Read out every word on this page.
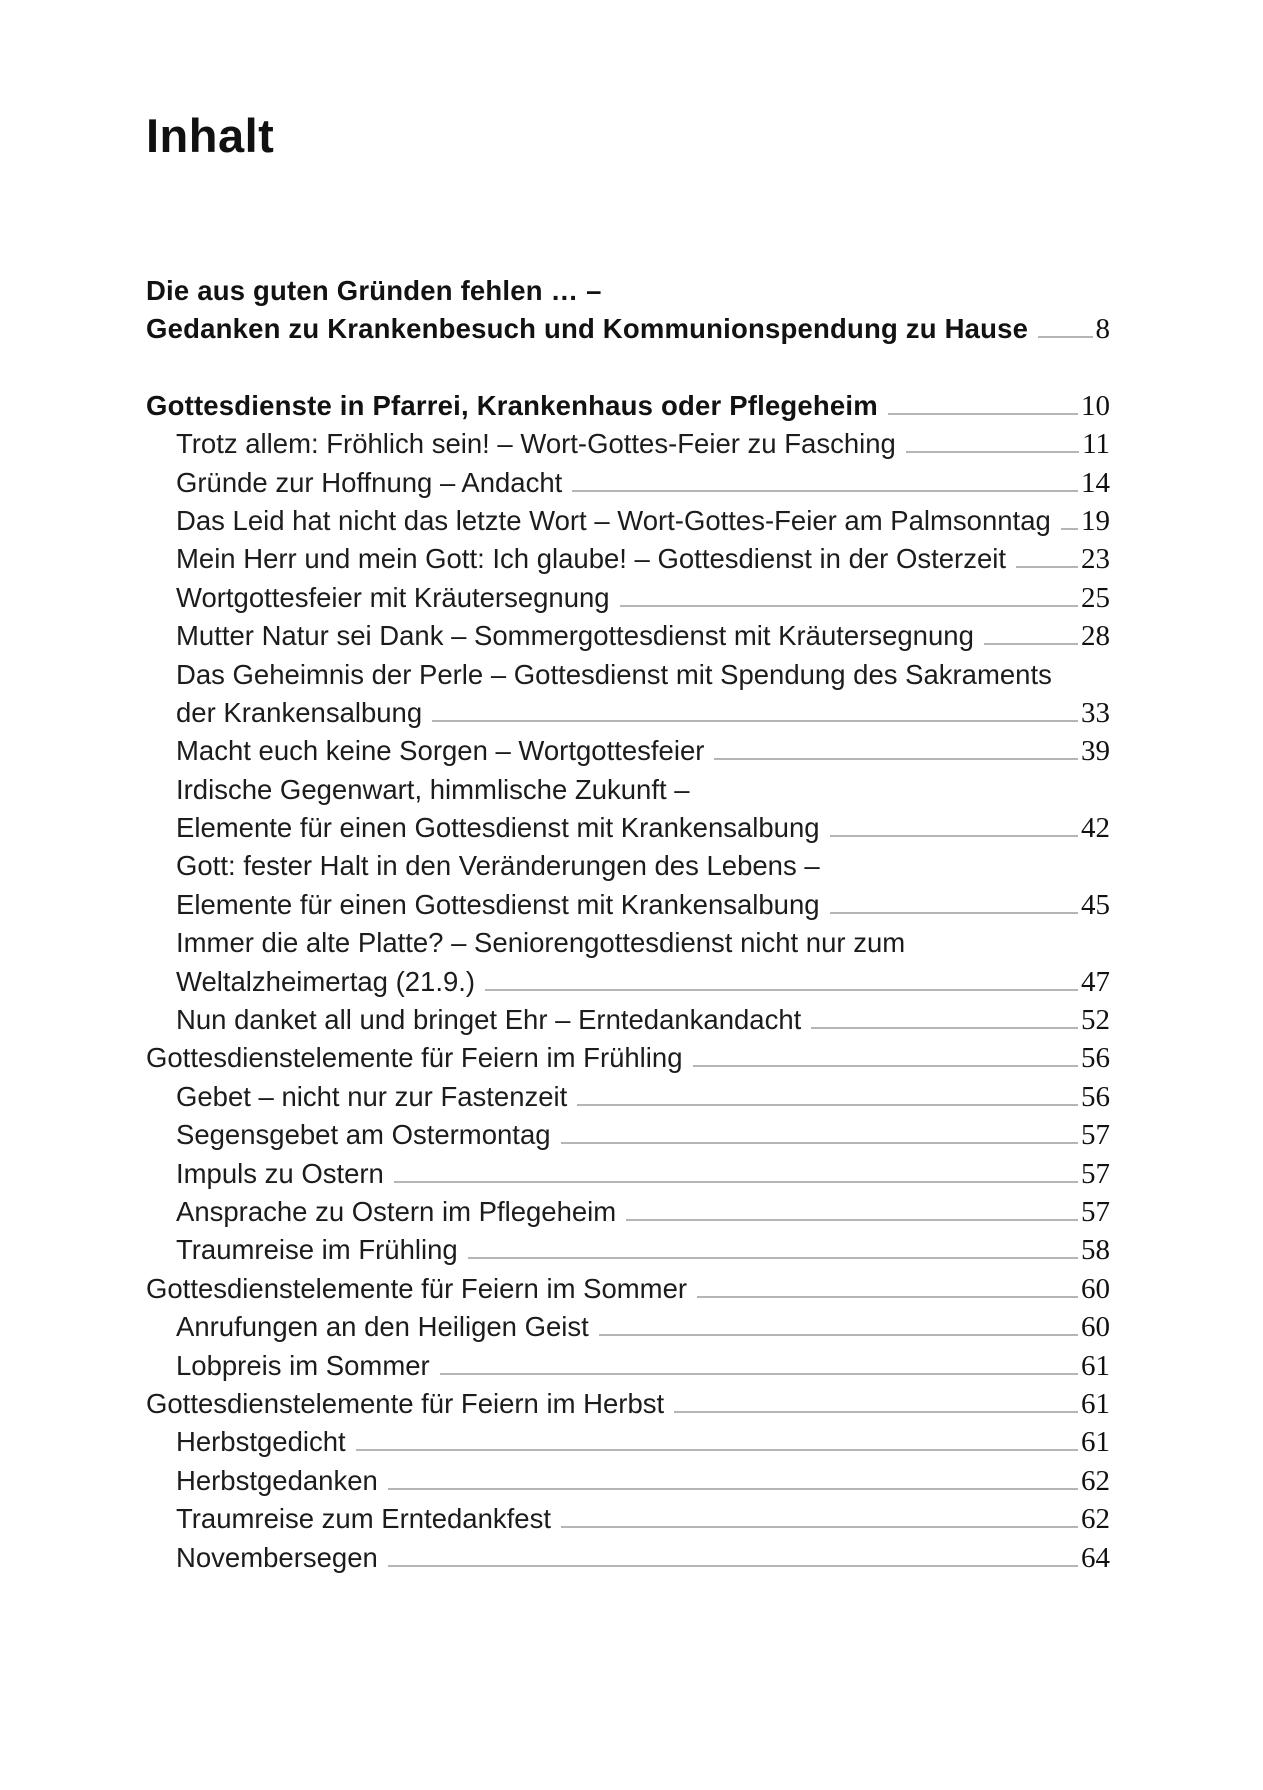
Inhalt
Die aus guten Gründen fehlen … –
Gedanken zu Krankenbesuch und Kommunionspendung zu Hause 8
Gottesdienste in Pfarrei, Krankenhaus oder Pflegeheim	10
Trotz allem: Fröhlich sein! – Wort-Gottes-Feier zu Fasching	11
Gründe zur Hoffnung – Andacht	14
Das Leid hat nicht das letzte Wort – Wort-Gottes-Feier am Palmsonntag 19
Mein Herr und mein Gott: Ich glaube! – Gottesdienst in der Osterzeit	23
Wortgottesfeier mit Kräutersegnung	25
Mutter Natur sei Dank – Sommergottesdienst mit Kräutersegnung	28
Das Geheimnis der Perle – Gottesdienst mit Spendung des Sakraments
der Krankensalbung	33
Macht euch keine Sorgen – Wortgottesfeier	39
Irdische Gegenwart, himmlische Zukunft –
Elemente für einen Gottesdienst mit Krankensalbung	42
Gott: fester Halt in den Veränderungen des Lebens –
Elemente für einen Gottesdienst mit Krankensalbung	45
Immer die alte Platte? – Seniorengottesdienst nicht nur zum
Weltalzheimertag (21.9.)	47
Nun danket all und bringet Ehr – Erntedankandacht	52
Gottesdienstelemente für Feiern im Frühling	56
Gebet – nicht nur zur Fastenzeit	56
Segensgebet am Ostermontag	57
Impuls zu Ostern	57
Ansprache zu Ostern im Pflegeheim	57
Traumreise im Frühling	58
Gottesdienstelemente für Feiern im Sommer	60
Anrufungen an den Heiligen Geist	60
Lobpreis im Sommer	61
Gottesdienstelemente für Feiern im Herbst	61
Herbstgedicht	61
Herbstgedanken	62
Traumreise zum Erntedankfest	62
Novembersegen	64
